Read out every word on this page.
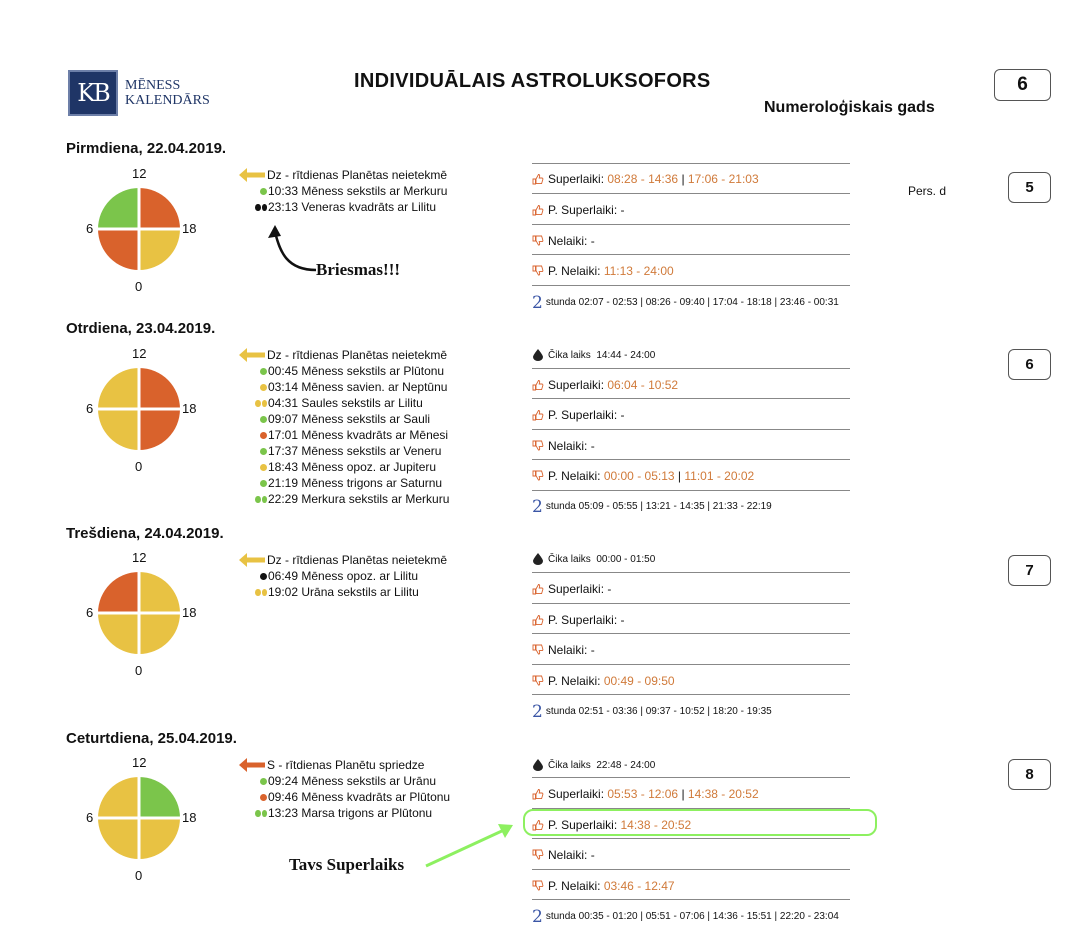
KB	MĒNESS
KALENDĀRS
INDIVIDUĀLAIS ASTROLUKSOFORS
Numeroloģiskais gads
6
Pers. d
Pirmdiena, 22.04.2019.
5
12
6	18
0
Dz - rītdienas Planētas neietekmē
10:33 Mēness sekstils ar Merkuru
23:13 Veneras kvadrāts ar Lilitu
Superlaiki:
08:28 - 14:36 | 17:06 - 21:03
P. Superlaiki:
-
Nelaiki:
-
P. Nelaiki:
11:13 - 24:00
2 stunda 02:07 - 02:53 | 08:26 - 09:40 | 17:04 - 18:18 | 23:46 - 00:31
Otrdiena, 23.04.2019.
6
12
6	18
0
Dz - rītdienas Planētas neietekmē
00:45 Mēness sekstils ar Plūtonu
03:14 Mēness savien. ar Neptūnu
04:31 Saules sekstils ar Lilitu
09:07 Mēness sekstils ar Sauli
17:01 Mēness kvadrāts ar Mēnesi
17:37 Mēness sekstils ar Veneru
18:43 Mēness opoz. ar Jupiteru
21:19 Mēness trigons ar Saturnu
22:29 Merkura sekstils ar Merkuru
Čika laiks
14:44 - 24:00
Superlaiki:
06:04 - 10:52
P. Superlaiki:
-
Nelaiki:
-
P. Nelaiki:
00:00 - 05:13 | 11:01 - 20:02
2 stunda 05:09 - 05:55 | 13:21 - 14:35 | 21:33 - 22:19
Trešdiena, 24.04.2019.
7
12
6	18
0
Dz - rītdienas Planētas neietekmē
06:49 Mēness opoz. ar Lilitu
19:02 Urāna sekstils ar Lilitu
Čika laiks
00:00 - 01:50
Superlaiki:
-
P. Superlaiki:
-
Nelaiki:
-
P. Nelaiki:
00:49 - 09:50
2 stunda 02:51 - 03:36 | 09:37 - 10:52 | 18:20 - 19:35
Ceturtdiena, 25.04.2019.
8
12
6	18
0
S - rītdienas Planētu spriedze
09:24 Mēness sekstils ar Urānu
09:46 Mēness kvadrāts ar Plūtonu
13:23 Marsa trigons ar Plūtonu
Čika laiks
22:48 - 24:00
Superlaiki:
05:53 - 12:06 | 14:38 - 20:52
P. Superlaiki:
14:38 - 20:52
Nelaiki:
-
P. Nelaiki:
03:46 - 12:47
2 stunda 00:35 - 01:20 | 05:51 - 07:06 | 14:36 - 15:51 | 22:20 - 23:04
Briesmas!!!
Tavs Superlaiks
